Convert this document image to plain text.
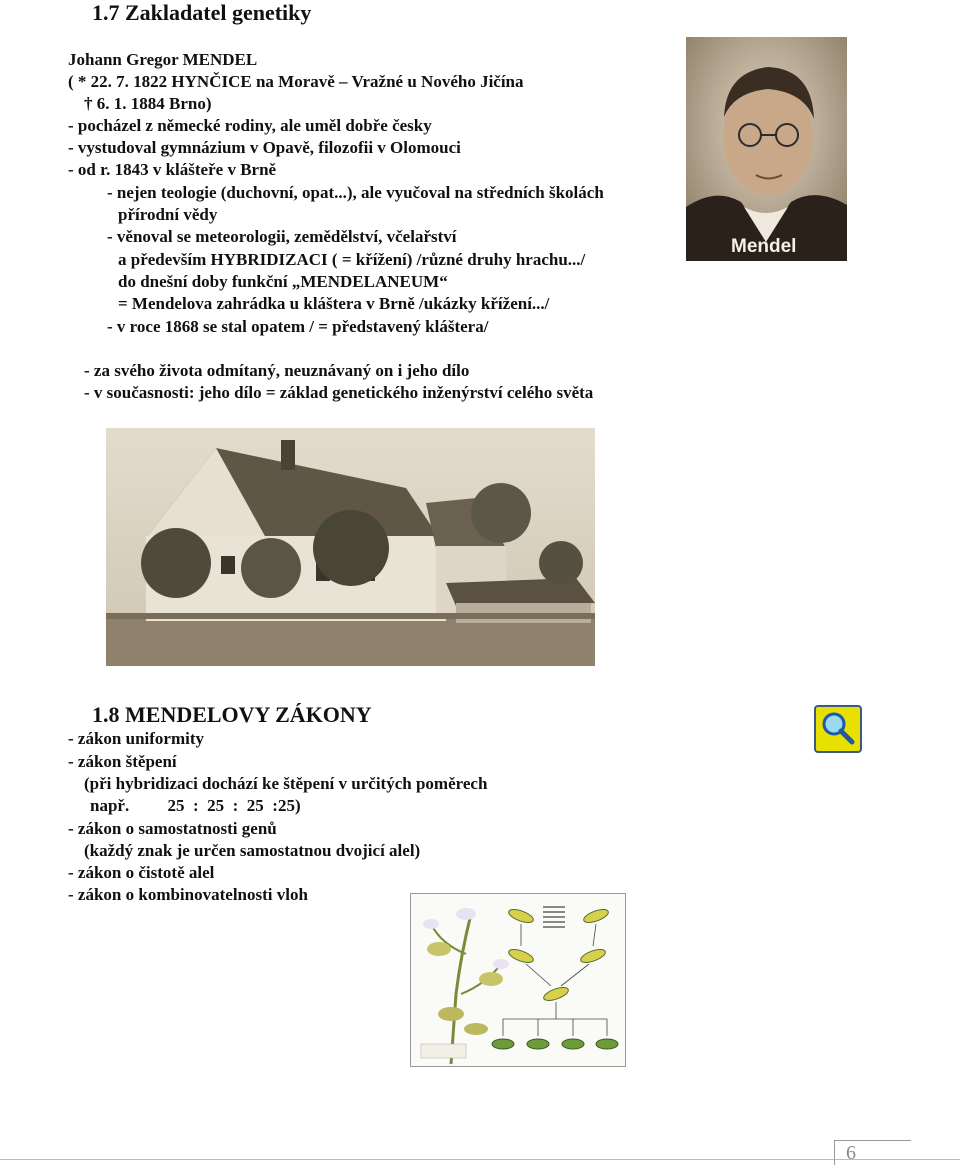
1.7 Zakladatel genetiky
Johann Gregor MENDEL
( * 22. 7. 1822 HYNČICE na Moravě – Vražné u Nového Jičína
† 6. 1. 1884 Brno)
- pocházel z německé rodiny, ale uměl dobře česky
- vystudoval gymnázium v Opavě, filozofii v Olomouci
- od r. 1843 v klášteře v Brně
- nejen teologie (duchovní, opat...), ale vyučoval na středních školách
přírodní vědy
- věnoval se meteorologii, zemědělství, včelařství
a především HYBRIDIZACI ( = křížení) /různé druhy hrachu.../
do dnešní doby funkční „MENDELANEUM“
= Mendelova zahrádka u kláštera v Brně /ukázky křížení.../
- v roce 1868 se stal opatem / = představený kláštera/
- za svého života odmítaný, neuznávaný on i jeho dílo
- v současnosti: jeho dílo = základ genetického inženýrství celého světa
Mendel
1.8 MENDELOVY ZÁKONY
- zákon uniformity
- zákon štěpení
(při hybridizaci dochází ke štěpení v určitých poměrech
např.         25  :  25  :  25  :25)
- zákon o samostatnosti genů
(každý znak je určen samostatnou dvojicí alel)
- zákon o čistotě alel
- zákon o kombinovatelnosti vloh
6
